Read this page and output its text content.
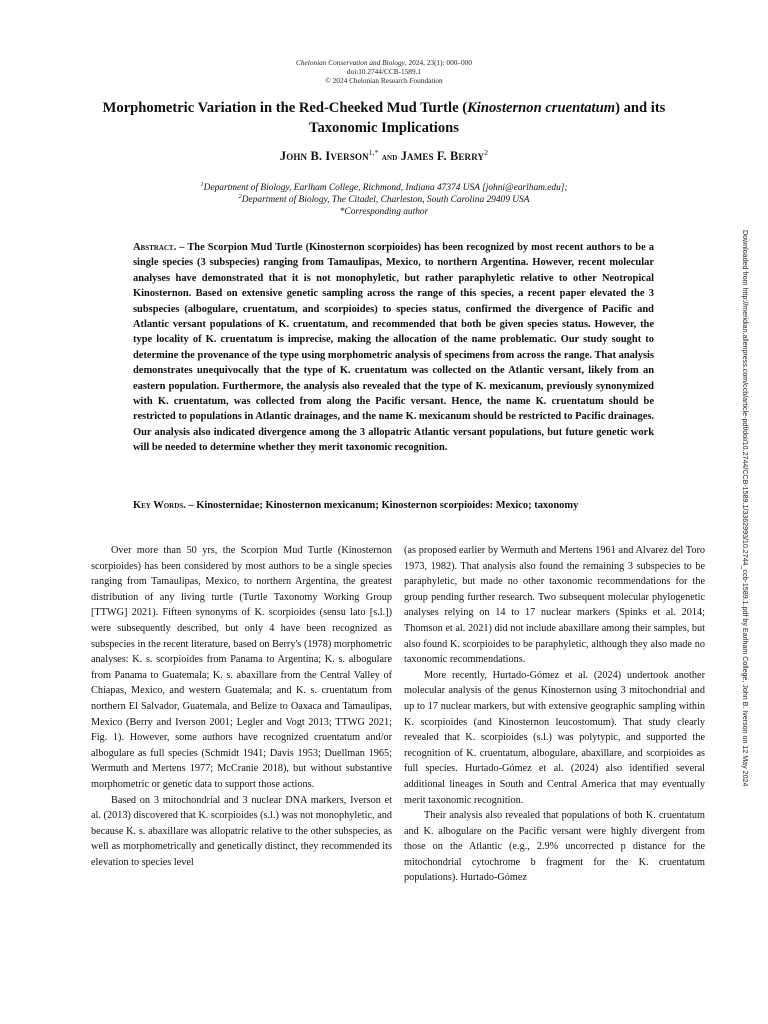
Chelonian Conservation and Biology, 2024, 23(1): 000–000
doi:10.2744/CCB-1589.1
© 2024 Chelonian Research Foundation
Morphometric Variation in the Red-Cheeked Mud Turtle (Kinosternon cruentatum) and its Taxonomic Implications
John B. Iverson$^{1,*}$ and James F. Berry$^2$
$^1$Department of Biology, Earlham College, Richmond, Indiana 47374 USA [johni@earlham.edu];
$^2$Department of Biology, The Citadel, Charleston, South Carolina 29409 USA
*Corresponding author
Abstract. – The Scorpion Mud Turtle (Kinosternon scorpioides) has been recognized by most recent authors to be a single species (3 subspecies) ranging from Tamaulipas, Mexico, to northern Argentina. However, recent molecular analyses have demonstrated that it is not monophyletic, but rather paraphyletic relative to other Neotropical Kinosternon. Based on extensive genetic sampling across the range of this species, a recent paper elevated the 3 subspecies (albogulare, cruentatum, and scorpioides) to species status, confirmed the divergence of Pacific and Atlantic versant populations of K. cruentatum, and recommended that both be given species status. However, the type locality of K. cruentatum is imprecise, making the allocation of the name problematic. Our study sought to determine the provenance of the type using morphometric analysis of specimens from across the range. That analysis demonstrates unequivocally that the type of K. cruentatum was collected on the Atlantic versant, likely from an eastern population. Furthermore, the analysis also revealed that the type of K. mexicanum, previously synonymized with K. cruentatum, was collected from along the Pacific versant. Hence, the name K. cruentatum should be restricted to populations in Atlantic drainages, and the name K. mexicanum should be restricted to Pacific drainages. Our analysis also indicated divergence among the 3 allopatric Atlantic versant populations, but future genetic work will be needed to determine whether they merit taxonomic recognition.
Key Words. – Kinosternidae; Kinosternon mexicanum; Kinosternon scorpioides: Mexico; taxonomy

Over more than 50 yrs, the Scorpion Mud Turtle (Kinosternon scorpioides) has been considered by most authors to be a single species ranging from Tamaulipas, Mexico, to northern Argentina, the greatest distribution of any living turtle (Turtle Taxonomy Working Group [TTWG] 2021). Fifteen synonyms of K. scorpioides (sensu lato [s.l.]) were subsequently described, but only 4 have been recognized as subspecies in the recent literature, based on Berry's (1978) morphometric analyses: K. s. scorpioides from Panama to Argentina; K. s. albogulare from Panama to Guatemala; K. s. abaxillare from the Central Valley of Chiapas, Mexico, and western Guatemala; and K. s. cruentatum from northern El Salvador, Guatemala, and Belize to Oaxaca and Tamaulipas, Mexico (Berry and Iverson 2001; Legler and Vogt 2013; TTWG 2021; Fig. 1). However, some authors have recognized cruentatum and/or albogulare as full species (Schmidt 1941; Davis 1953; Duellman 1965; Wermuth and Mertens 1977; McCranie 2018), but without substantive morphometric or genetic data to support those actions.

Based on 3 mitochondrial and 3 nuclear DNA markers, Iverson et al. (2013) discovered that K. scorpioides (s.l.) was not monophyletic, and because K. s. abaxillare was allopatric relative to the other subspecies, as well as morphometrically and genetically distinct, they recommended its elevation to species level

(as proposed earlier by Wermuth and Mertens 1961 and Alvarez del Toro 1973, 1982). That analysis also found the remaining 3 subspecies to be paraphyletic, but made no other taxonomic recommendations for the group pending further research. Two subsequent molecular phylogenetic analyses relying on 14 to 17 nuclear markers (Spinks et al. 2014; Thomson et al. 2021) did not include abaxillare among their samples, but also found K. scorpioides to be paraphyletic, although they also made no taxonomic recommendations.

More recently, Hurtado-Gómez et al. (2024) undertook another molecular analysis of the genus Kinosternon using 3 mitochondrial and up to 17 nuclear markers, but with extensive geographic sampling within K. scorpioides (and Kinosternon leucostomum). That study clearly revealed that K. scorpioides (s.l.) was polytypic, and supported the recognition of K. cruentatum, albogulare, abaxillare, and scorpioides as full species. Hurtado-Gómez et al. (2024) also identified several additional lineages in South and Central America that may eventually merit taxonomic recognition.

Their analysis also revealed that populations of both K. cruentatum and K. albogulare on the Pacific versant were highly divergent from those on the Atlantic (e.g., 2.9% uncorrected p distance for the mitochondrial cytochrome b fragment for the K. cruentatum populations). Hurtado-Gómez

Downloaded from http://meridian.allenpress.com/ccb/article-pdf/doi/10.2744/CCB-1589.1/3362993/10.2744_ccb-1589.1.pdf by Earlham College, John B. Iverson on 12 May 2024
